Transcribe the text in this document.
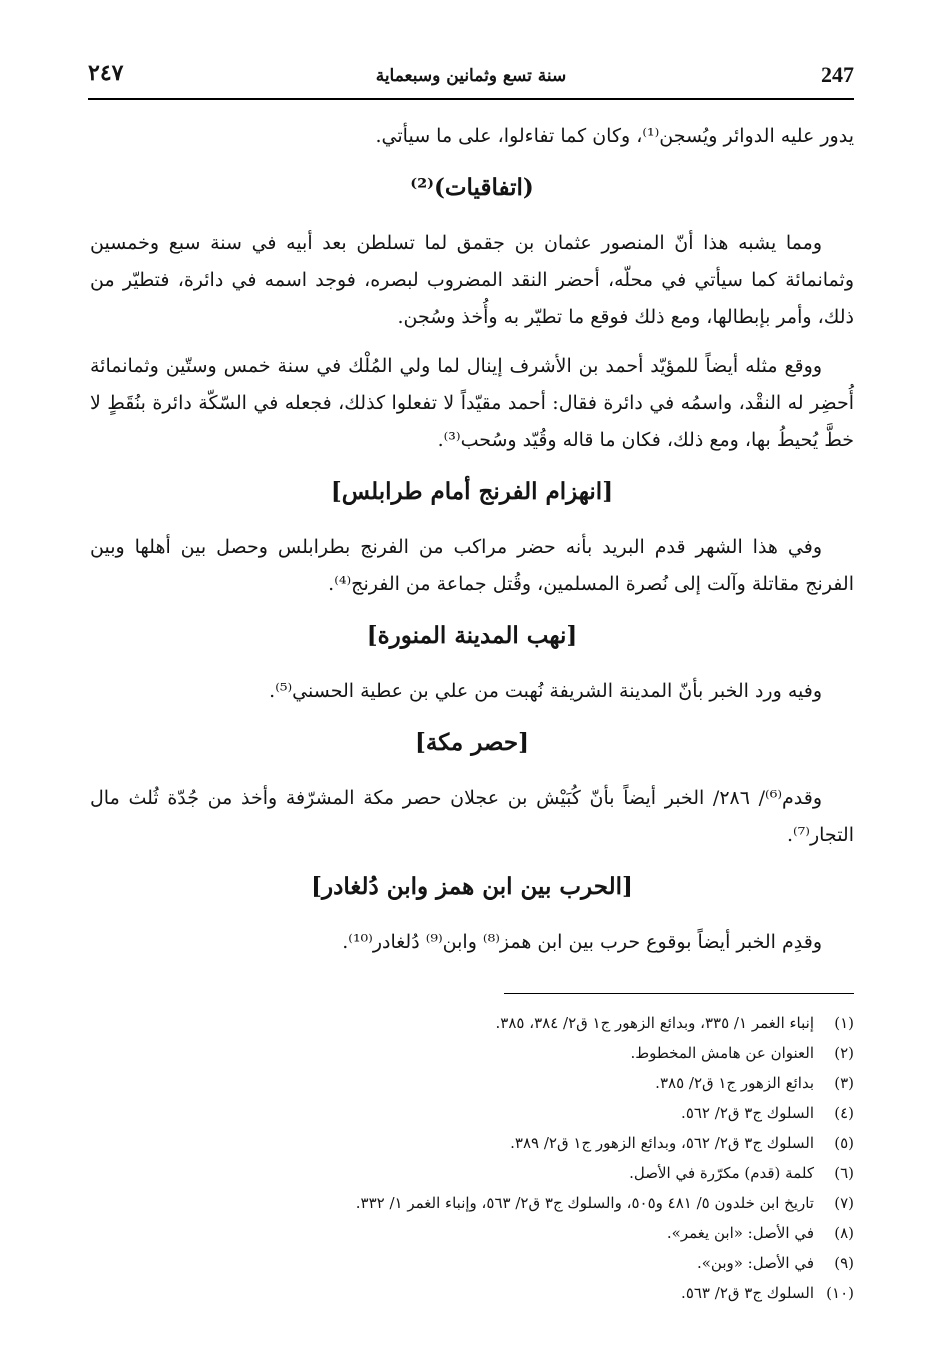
247
٢٤٧	سنة تسع وثمانين وسبعماية

يدور عليه الدوائر ويُسجن⁽¹⁾، وكان كما تفاءلوا، على ما سيأتي.

(اتفاقيات)⁽²⁾

ومما يشبه هذا أنّ المنصور عثمان بن جقمق لما تسلطن بعد أبيه في سنة سبع وخمسين وثمانمائة كما سيأتي في محلّه، أحضر النقد المضروب لبصره، فوجد اسمه في دائرة، فتطيّر من ذلك، وأمر بإبطالها، ومع ذلك فوقع ما تطيّر به وأُخذ وسُجن.

ووقع مثله أيضاً للمؤيّد أحمد بن الأشرف إينال لما ولي المُلْك في سنة خمس وستّين وثمانمائة أُحضِر له النقْد، واسمُه في دائرة فقال: أحمد مقيّداً لا تفعلوا كذلك، فجعله في السّكّة دائرة بنُقَطٍ لا خطَّ يُحيطُ بها، ومع ذلك، فكان ما قاله وقُيّد وسُحب⁽³⁾.

[انهزام الفرنج أمام طرابلس]

وفي هذا الشهر قدم البريد بأنه حضر مراكب من الفرنج بطرابلس وحصل بين أهلها وبين الفرنج مقاتلة وآلت إلى نُصرة المسلمين، وقُتل جماعة من الفرنج⁽⁴⁾.

[نهب المدينة المنورة]

وفيه ورد الخبر بأنّ المدينة الشريفة نُهبت من علي بن عطية الحسني⁽⁵⁾.

[حصر مكة]

وقدم⁽⁶⁾/ ٢٨٦/ الخبر أيضاً بأنّ كُبَيْش بن عجلان حصر مكة المشرّفة وأخذ من جُدّة ثُلث مال التجار⁽⁷⁾.

[الحرب بين ابن همز وابن دُلغادر]

وقدِم الخبر أيضاً بوقوع حرب بين ابن همز⁽⁸⁾ وابن⁽⁹⁾ دُلغادر⁽¹⁰⁾.

(١)إنباء الغمر ١/ ٣٣٥، وبدائع الزهور ج١ ق٢/ ٣٨٤، ٣٨٥.
(٢)العنوان عن هامش المخطوط.
(٣)بدائع الزهور ج١ ق٢/ ٣٨٥.
(٤)السلوك ج٣ ق٢/ ٥٦٢.
(٥)السلوك ج٣ ق٢/ ٥٦٢، وبدائع الزهور ج١ ق٢/ ٣٨٩.
(٦)كلمة (قدم) مكرّرة في الأصل.
(٧)تاريخ ابن خلدون ٥/ ٤٨١ و٥٠٥، والسلوك ج٣ ق٢/ ٥٦٣، وإنباء الغمر ١/ ٣٣٢.
(٨)في الأصل: «ابن يغمر».
(٩)في الأصل: «وبن».
(١٠)السلوك ج٣ ق٢/ ٥٦٣.
